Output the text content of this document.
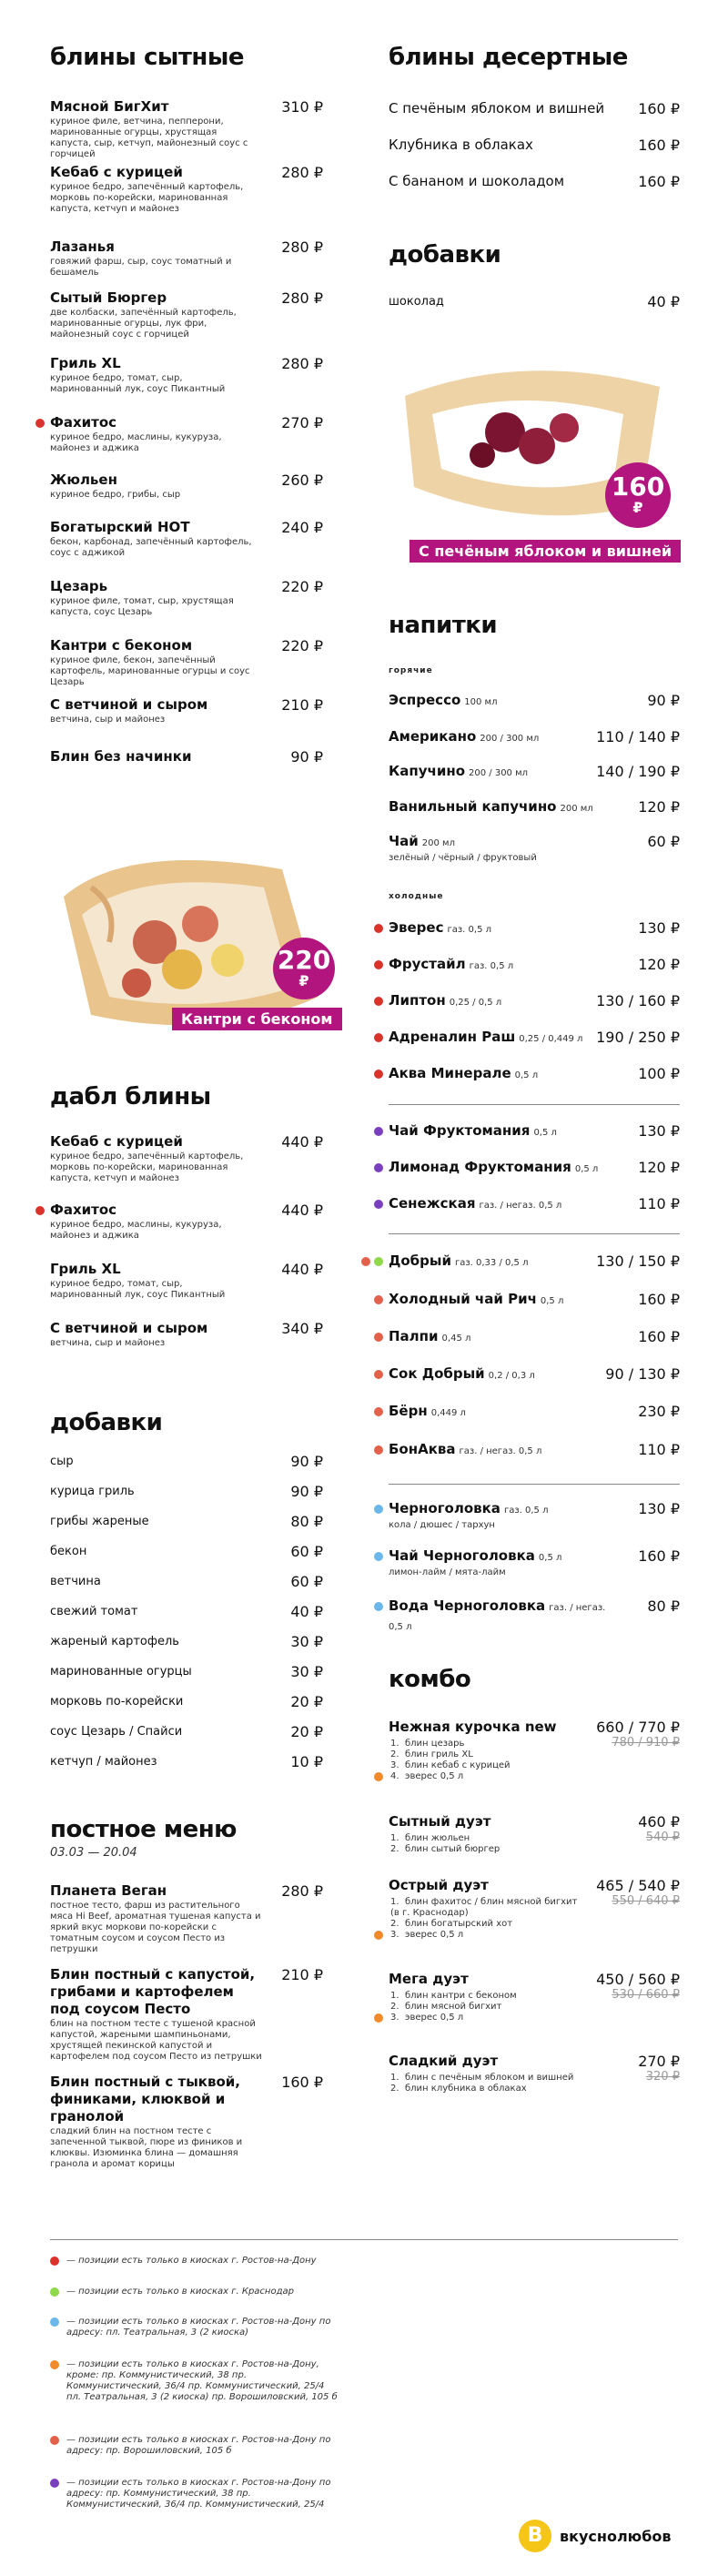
блины сытные
Мясной БигХит
куриное филе, ветчина, пепперони, маринованные огурцы, хрустящая капуста, сыр, кетчуп, майонезный соус с горчицей
310 ₽
Кебаб с курицей
куриное бедро, запечённый картофель, морковь по-корейски, маринованная капуста, кетчуп и майонез
280 ₽
Лазанья
говяжий фарш, сыр, соус томатный и бешамель
280 ₽
Сытый Бюргер
две колбаски, запечённый картофель, маринованные огурцы, лук фри, майонезный соус с горчицей
280 ₽
Гриль XL
куриное бедро, томат, сыр, маринованный лук, соус Пикантный
280 ₽
Фахитос
куриное бедро, маслины, кукуруза, майонез и аджика
270 ₽
Жюльен
куриное бедро, грибы, сыр
260 ₽
Богатырский HOT
бекон, карбонад, запечённый картофель, соус с аджикой
240 ₽
Цезарь
куриное филе, томат, сыр, хрустящая капуста, соус Цезарь
220 ₽
Кантри с беконом
куриное филе, бекон, запечённый картофель, маринованные огурцы и соус Цезарь
220 ₽
С ветчиной и сыром
ветчина, сыр и майонез
210 ₽
Блин без начинки	90 ₽
220
₽
Кантри с беконом
дабл блины
Кебаб с курицей
куриное бедро, запечённый картофель, морковь по-корейски, маринованная капуста, кетчуп и майонез
440 ₽
Фахитос
куриное бедро, маслины, кукуруза, майонез и аджика
440 ₽
Гриль XL
куриное бедро, томат, сыр, маринованный лук, соус Пикантный
440 ₽
С ветчиной и сыром
ветчина, сыр и майонез
340 ₽
добавки
сыр	90 ₽
курица гриль	90 ₽
грибы жареные	80 ₽
бекон	60 ₽
ветчина	60 ₽
свежий томат	40 ₽
жареный картофель	30 ₽
маринованные огурцы	30 ₽
морковь по-корейски	20 ₽
соус Цезарь / Спайси	20 ₽
кетчуп / майонез	10 ₽
постное меню
03.03 — 20.04
Планета Веган
постное тесто, фарш из растительного мяса Hi Beef, ароматная тушеная капуста и яркий вкус моркови по-корейски с томатным соусом и соусом Песто из петрушки
280 ₽
Блин постный с капустой, грибами и картофелем под соусом Песто
блин на постном тесте с тушеной красной капустой, жареными шампиньонами, хрустящей пекинской капустой и картофелем под соусом Песто из петрушки
210 ₽
Блин постный с тыквой, финиками, клюквой и гранолой
сладкий блин на постном тесте с запеченной тыквой, пюре из фиников и клюквы. Изюминка блина — домашняя гранола и аромат корицы
160 ₽
блины десертные
С печёным яблоком и вишней	160 ₽
Клубника в облаках	160 ₽
С бананом и шоколадом	160 ₽
добавки
шоколад	40 ₽
160
₽
С печёным яблоком и вишней
напитки
горячие
Эспрессо 100 мл	90 ₽
Американо 200 / 300 мл	110 / 140 ₽
Капучино 200 / 300 мл	140 / 190 ₽
Ванильный капучино 200 мл	120 ₽
Чай 200 мл
зелёный / чёрный / фруктовый
60 ₽
холодные
Эверес газ. 0,5 л	130 ₽
Фрустайл газ. 0,5 л	120 ₽
Липтон 0,25 / 0,5 л	130 / 160 ₽
Адреналин Раш 0,25 / 0,449 л 190 / 250 ₽
Аква Минерале 0,5 л	100 ₽
Чай Фруктомания 0,5 л	130 ₽
Лимонад Фруктомания 0,5 л	120 ₽
Сенежская газ. / негаз. 0,5 л	110 ₽
Добрый газ. 0,33 / 0,5 л	130 / 150 ₽
Холодный чай Рич 0,5 л	160 ₽
Палпи 0,45 л	160 ₽
Сок Добрый 0,2 / 0,3 л	90 / 130 ₽
Бёрн 0,449 л	230 ₽
БонАква газ. / негаз. 0,5 л	110 ₽
Черноголовка газ. 0,5 л
кола / дюшес / тархун
130 ₽
Чай Черноголовка 0,5 л
лимон-лайм / мята-лайм
160 ₽
Вода Черноголовка газ. / негаз. 0,5 л
80 ₽
комбо
Нежная курочка new	660 / 770 ₽
780 / 910 ₽
1. блин цезарь
2. блин гриль XL
3. блин кебаб с курицей
4. эверес 0,5 л
Сытный дуэт	460 ₽
540 ₽
1. блин жюльен
2. блин сытый бюргер
Острый дуэт	465 / 540 ₽
550 / 640 ₽
1. блин фахитос / блин мясной бигхит (в г. Краснодар)
2. блин богатырский хот
3. эверес 0,5 л
Мега дуэт	450 / 560 ₽
530 / 660 ₽
1. блин кантри с беконом
2. блин мясной бигхит
3. эверес 0,5 л
Сладкий дуэт	270 ₽
320 ₽
1. блин с печёным яблоком и вишней
2. блин клубника в облаках
— позиции есть только в киосках г. Ростов-на-Дону
— позиции есть только в киосках г. Краснодар
— позиции есть только в киосках г. Ростов-на-Дону по адресу: пл. Театральная, 3 (2 киоска)
— позиции есть только в киосках г. Ростов-на-Дону, кроме: пр. Коммунистический, 38 пр. Коммунистический, 36/4 пр. Коммунистический, 25/4 пл. Театральная, 3 (2 киоска) пр. Ворошиловский, 105 б
— позиции есть только в киосках г. Ростов-на-Дону по адресу: пр. Ворошиловский, 105 б
— позиции есть только в киосках г. Ростов-на-Дону по адресу: пр. Коммунистический, 38 пр. Коммунистический, 36/4 пр. Коммунистический, 25/4
В	вкуснолюбов
